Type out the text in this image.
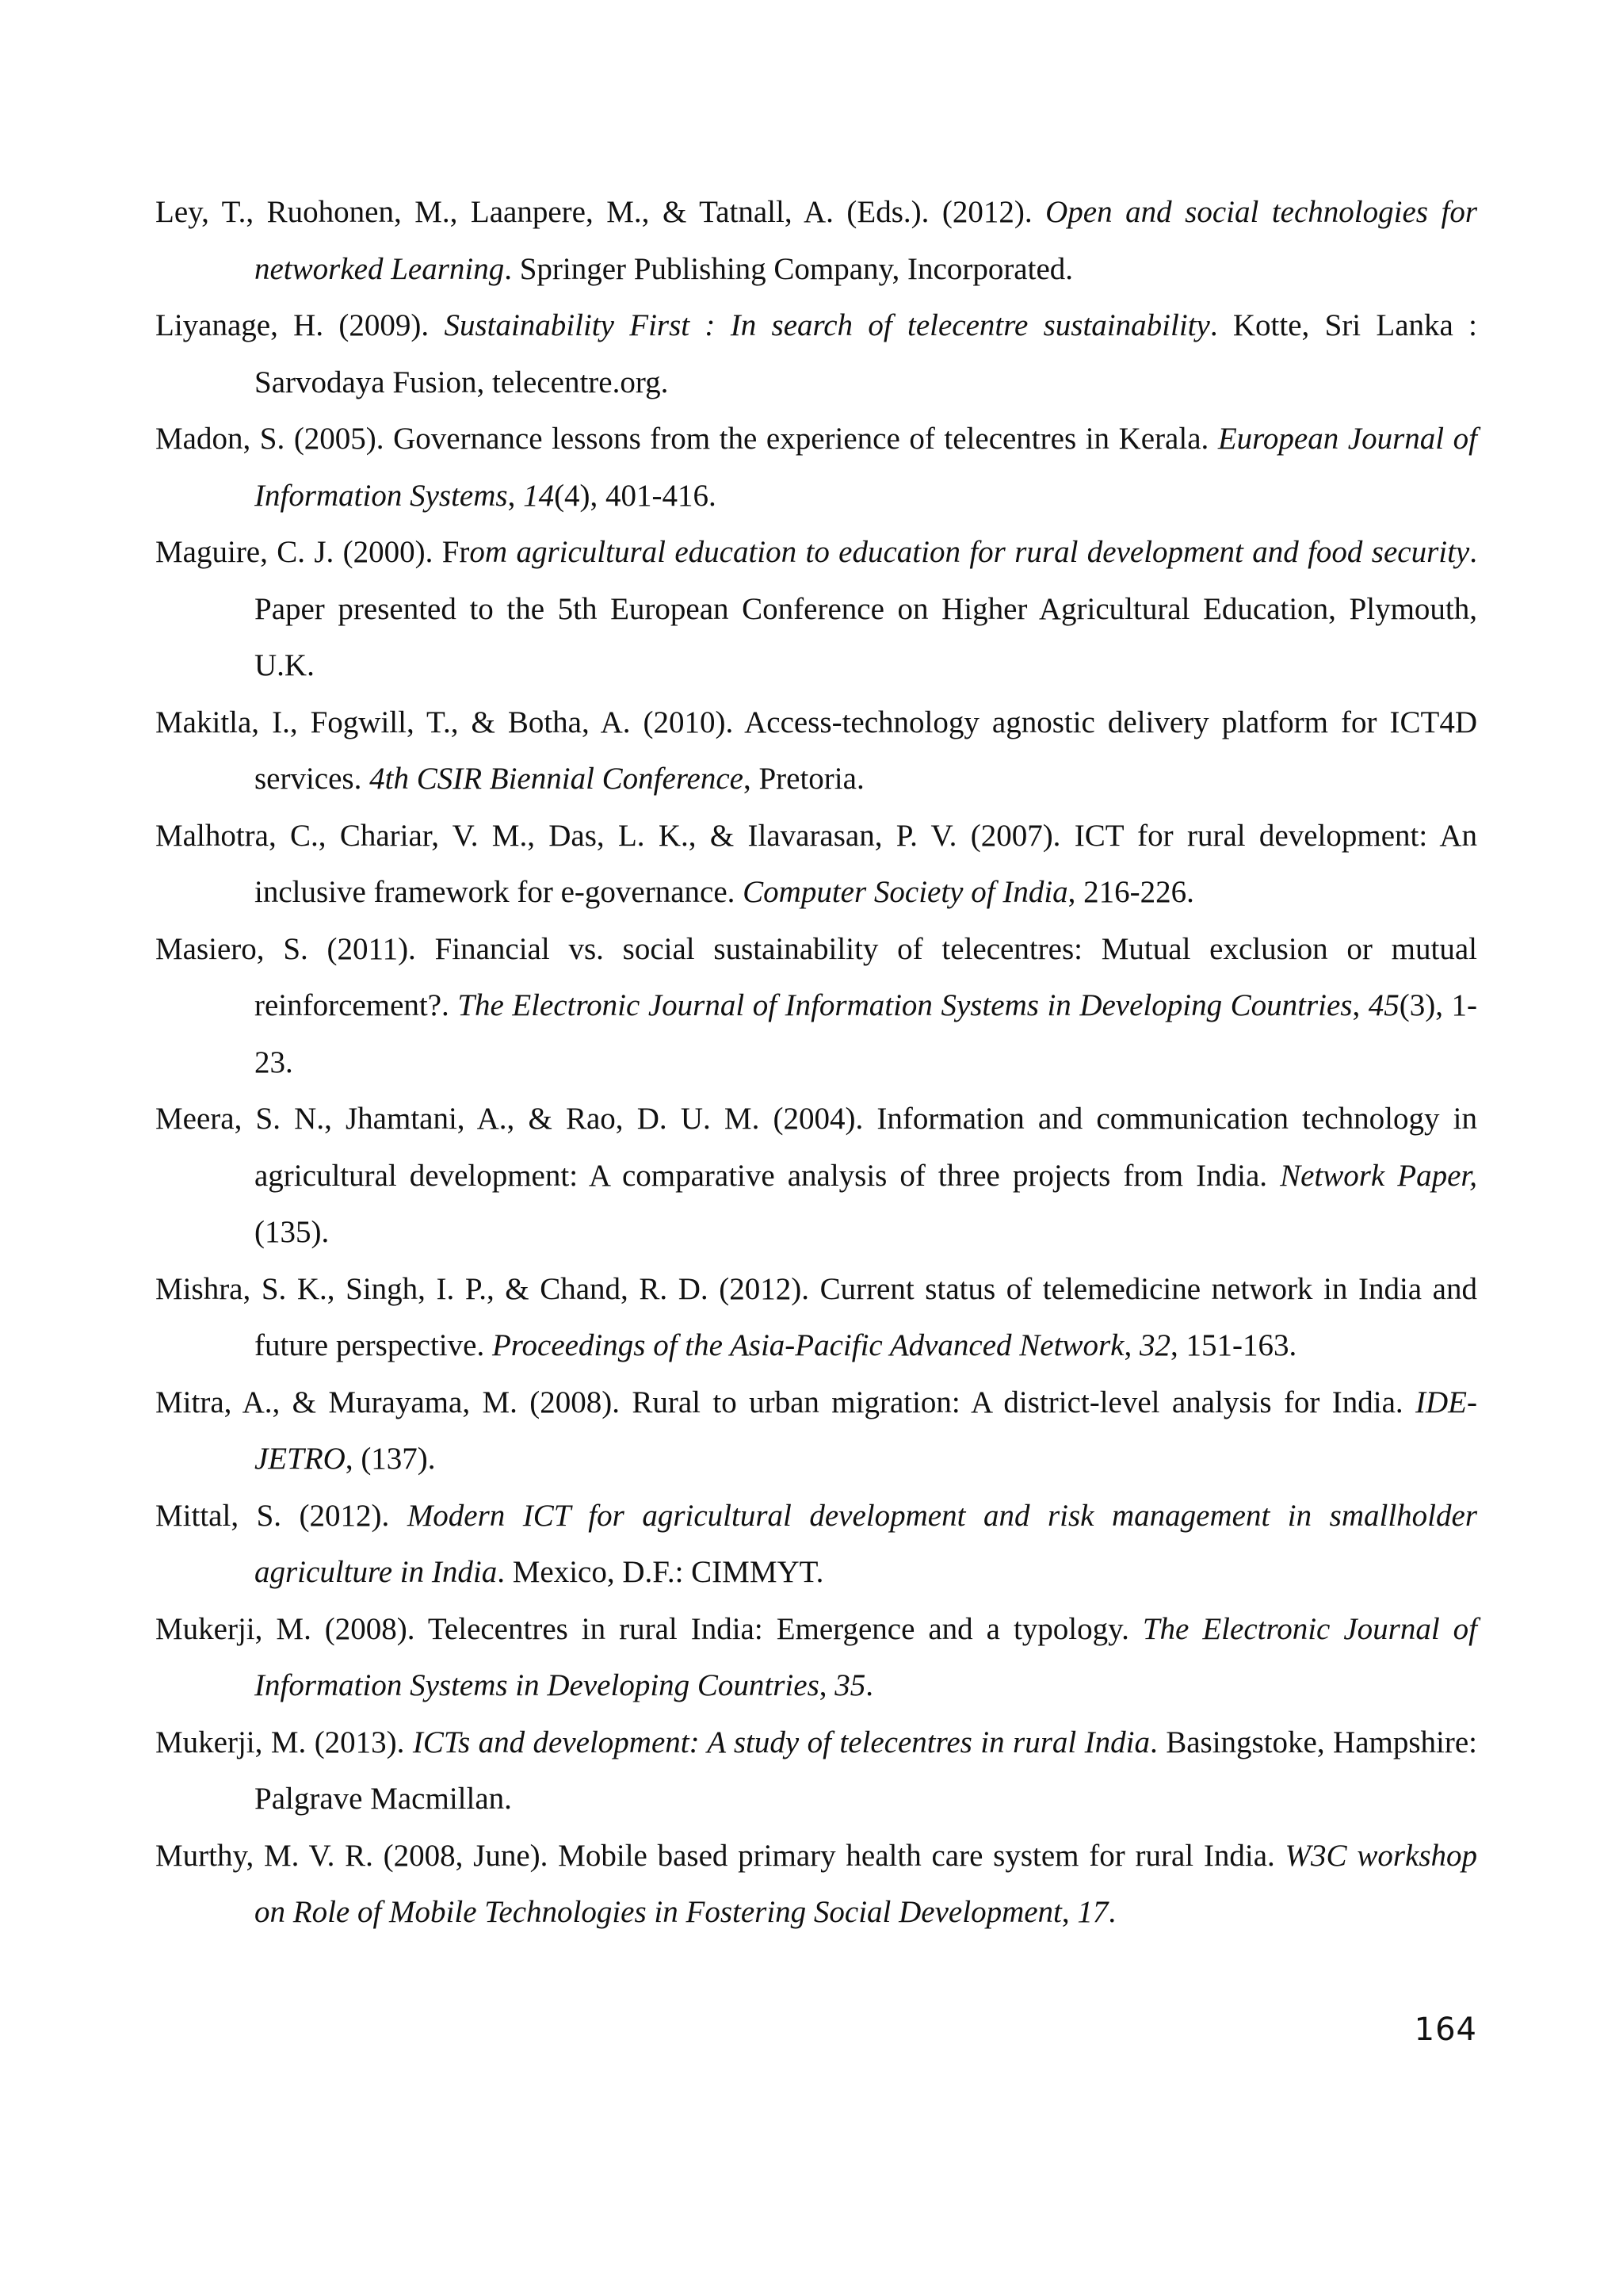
Ley, T., Ruohonen, M., Laanpere, M., & Tatnall, A. (Eds.). (2012). Open and social technologies for networked Learning. Springer Publishing Company, Incorporated.
Liyanage, H. (2009). Sustainability First : In search of telecentre sustainability. Kotte, Sri Lanka : Sarvodaya Fusion, telecentre.org.
Madon, S. (2005). Governance lessons from the experience of telecentres in Kerala. European Journal of Information Systems, 14(4), 401-416.
Maguire, C. J. (2000). From agricultural education to education for rural development and food security. Paper presented to the 5th European Conference on Higher Agricultural Education, Plymouth, U.K.
Makitla, I., Fogwill, T., & Botha, A. (2010). Access-technology agnostic delivery platform for ICT4D services. 4th CSIR Biennial Conference, Pretoria.
Malhotra, C., Chariar, V. M., Das, L. K., & Ilavarasan, P. V. (2007). ICT for rural development: An inclusive framework for e-governance. Computer Society of India, 216-226.
Masiero, S. (2011). Financial vs. social sustainability of telecentres: Mutual exclusion or mutual reinforcement?. The Electronic Journal of Information Systems in Developing Countries, 45(3), 1-23.
Meera, S. N., Jhamtani, A., & Rao, D. U. M. (2004). Information and communication technology in agricultural development: A comparative analysis of three projects from India. Network Paper, (135).
Mishra, S. K., Singh, I. P., & Chand, R. D. (2012). Current status of telemedicine network in India and future perspective. Proceedings of the Asia-Pacific Advanced Network, 32, 151-163.
Mitra, A., & Murayama, M. (2008). Rural to urban migration: A district-level analysis for India. IDE-JETRO, (137).
Mittal, S. (2012). Modern ICT for agricultural development and risk management in smallholder agriculture in India. Mexico, D.F.: CIMMYT.
Mukerji, M. (2008). Telecentres in rural India: Emergence and a typology. The Electronic Journal of Information Systems in Developing Countries, 35.
Mukerji, M. (2013). ICTs and development: A study of telecentres in rural India. Basingstoke, Hampshire: Palgrave Macmillan.
Murthy, M. V. R. (2008, June). Mobile based primary health care system for rural India. W3C workshop on Role of Mobile Technologies in Fostering Social Development, 17.
164
